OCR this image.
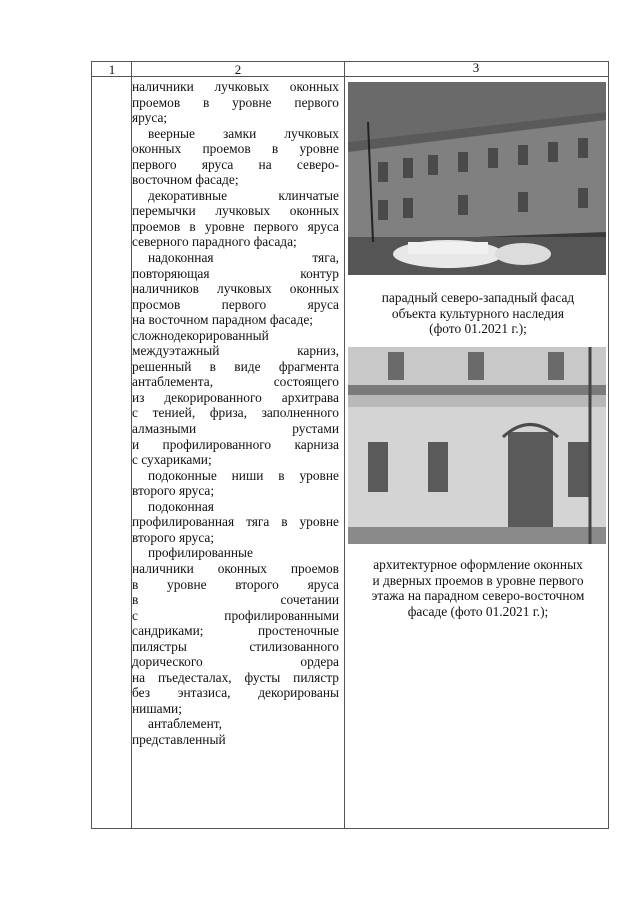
1	2	3

наличники лучковых оконных

проемов в уровне первого

яруса;

веерные замки лучковых

оконных проемов в уровне

первого яруса на северо-

восточном фасаде;

декоративные клинчатые

перемычки лучковых оконных

проемов в уровне первого яруса

северного парадного фасада;

надоконная тяга,

повторяющая контур

наличников лучковых оконных

просмов первого яруса

на восточном парадном фасаде;

сложнодекорированный

междуэтажный карниз,

решенный в виде фрагмента

антаблемента, состоящего

из декорированного архитрава

с тенией, фриза, заполненного

алмазными рустами

и профилированного карниза

с сухариками;

подоконные ниши в уровне

второго яруса;

подоконная

профилированная тяга в уровне

второго яруса;

профилированные

наличники оконных проемов

в уровне второго яруса

в сочетании

с профилированными

сандриками; простеночные

пилястры стилизованного

дорического ордера

на пъедесталах, фусты пилястр

без энтазиса, декорированы

нишами;

антаблемент,

представленный

парадный северо-западный фасад
объекта культурного наследия
(фото 01.2021 г.);
архитектурное оформление оконных
и дверных проемов в уровне первого
этажа на парадном северо-восточном
фасаде (фото 01.2021 г.);
